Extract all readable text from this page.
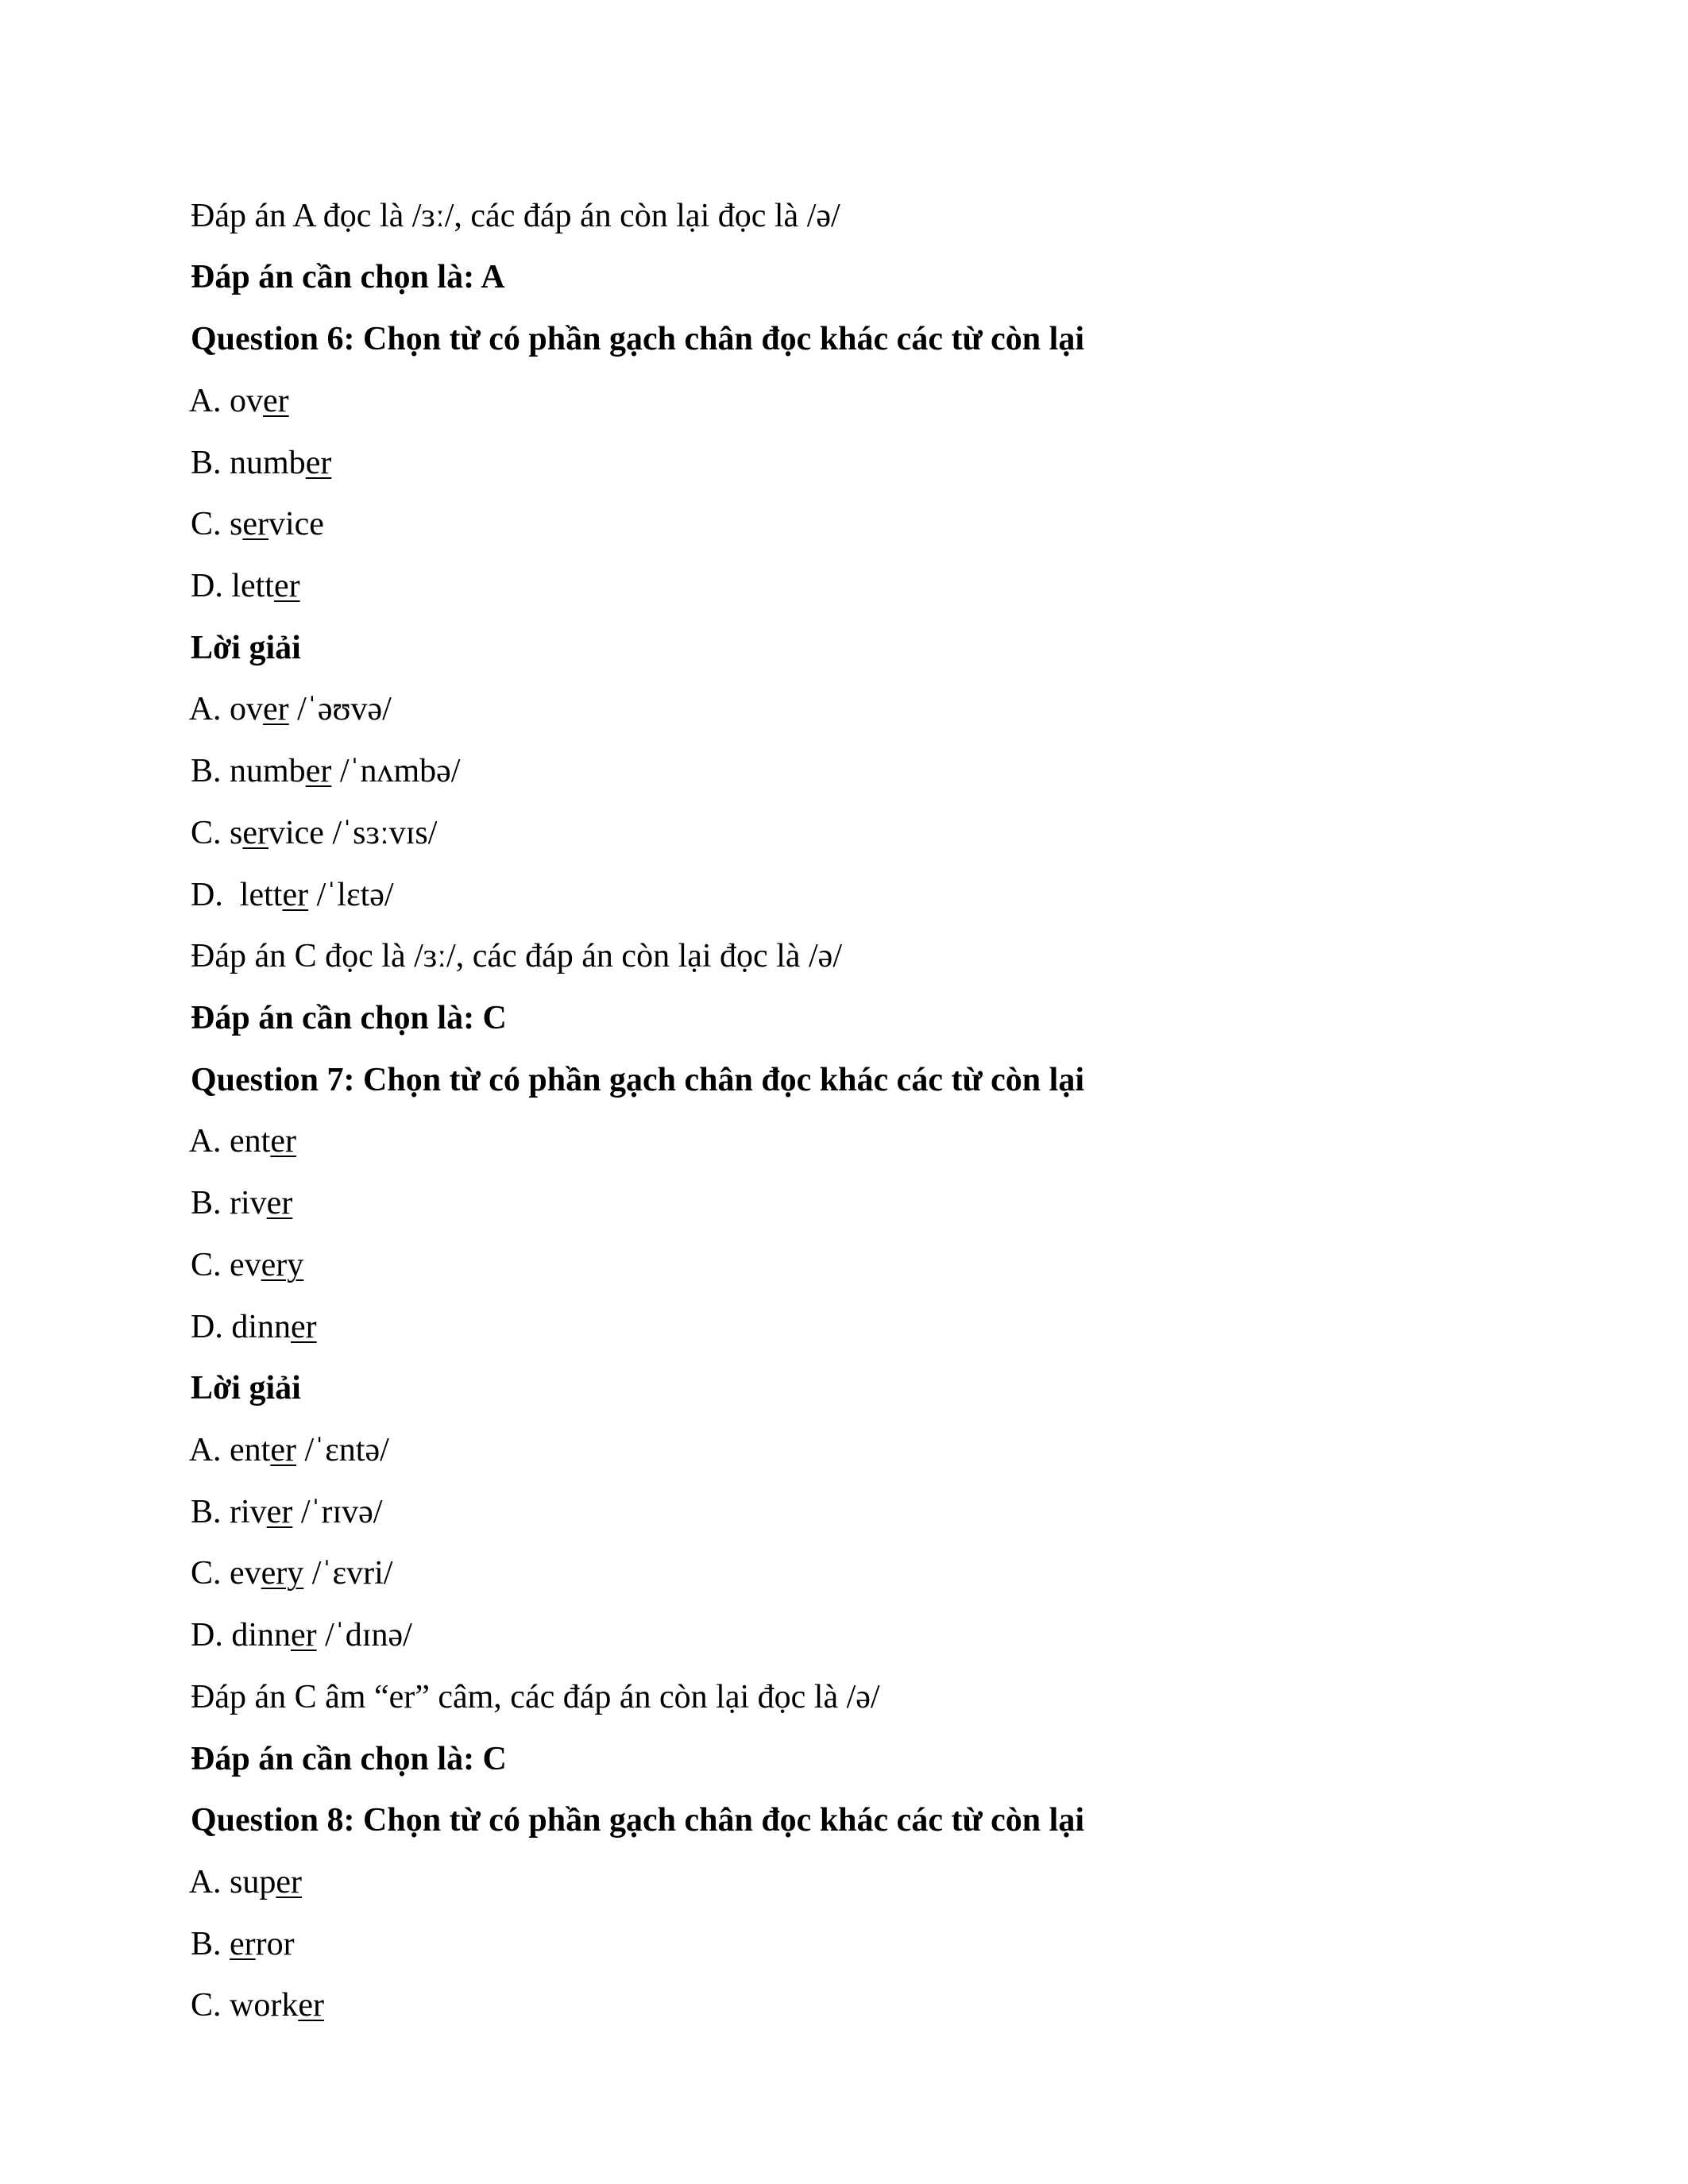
Đáp án A đọc là /ɜː/, các đáp án còn lại đọc là /ə/

Đáp án cần chọn là: A

Question 6: Chọn từ có phần gạch chân đọc khác các từ còn lại

A. over

B. number

C. service

D. letter

Lời giải

A. over /ˈəʊvə/

B. number /ˈnʌmbə/

C. service /ˈsɜːvɪs/

D.  letter /ˈlɛtə/

Đáp án C đọc là /ɜː/, các đáp án còn lại đọc là /ə/

Đáp án cần chọn là: C

Question 7: Chọn từ có phần gạch chân đọc khác các từ còn lại

A. enter

B. river

C. every

D. dinner

Lời giải

A. enter /ˈɛntə/

B. river /ˈrɪvə/

C. every /ˈɛvri/

D. dinner /ˈdɪnə/

Đáp án C âm “er” câm, các đáp án còn lại đọc là /ə/

Đáp án cần chọn là: C

Question 8: Chọn từ có phần gạch chân đọc khác các từ còn lại

A. super

B. error

C. worker
